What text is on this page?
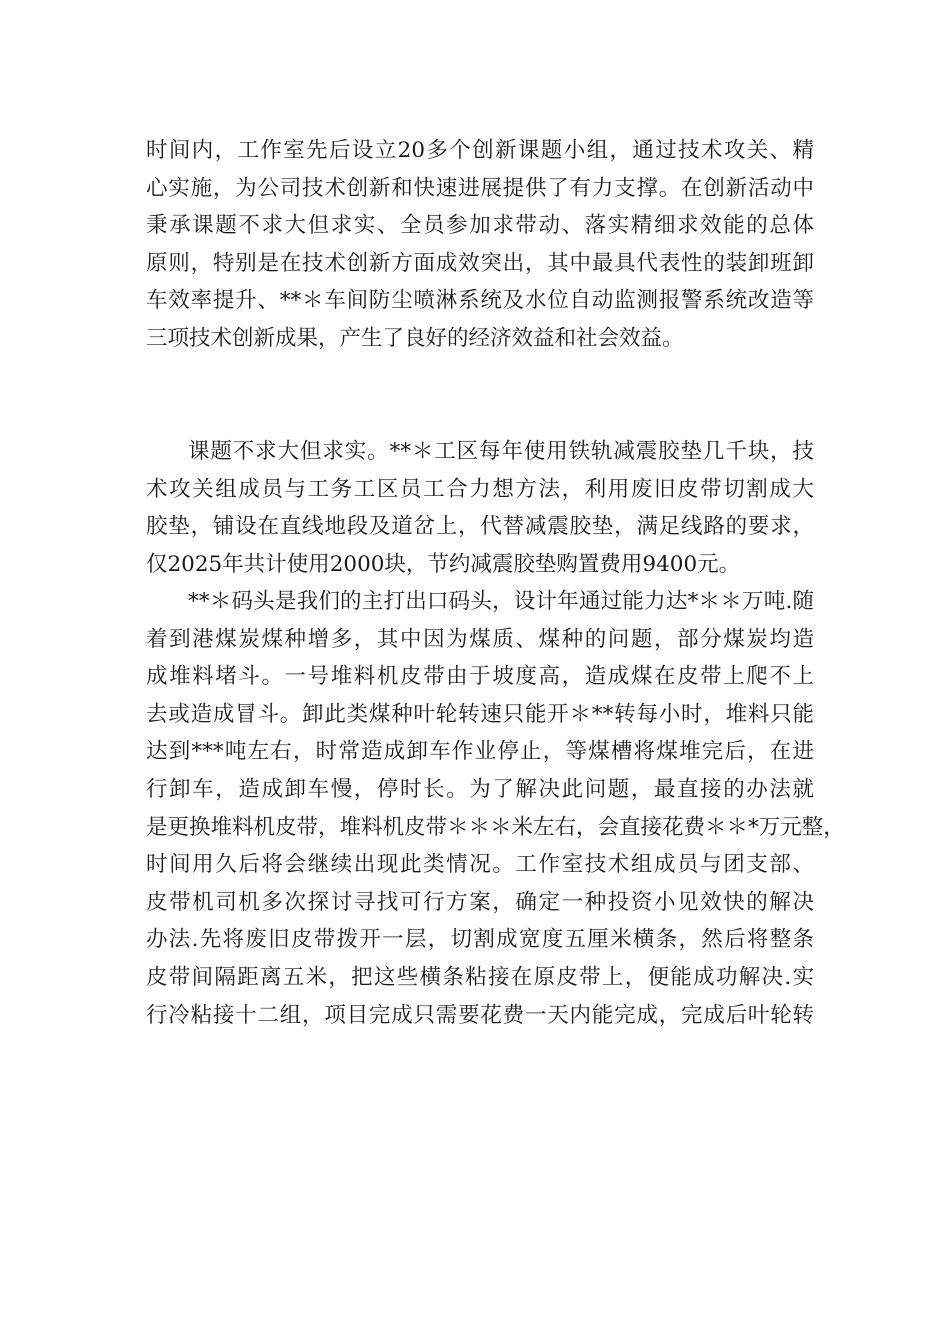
时间内，工作室先后设立20多个创新课题小组，通过技术攻关、精
心实施，为公司技术创新和快速进展提供了有力支撑。在创新活动中
秉承课题不求大但求实、全员参加求带动、落实精细求效能的总体
原则，特别是在技术创新方面成效突出，其中最具代表性的装卸班卸
车效率提升、**＊车间防尘喷淋系统及水位自动监测报警系统改造等
三项技术创新成果，产生了良好的经济效益和社会效益。

课题不求大但求实。**＊工区每年使用铁轨减震胶垫几千块，技
术攻关组成员与工务工区员工合力想方法，利用废旧皮带切割成大
胶垫，铺设在直线地段及道岔上，代替减震胶垫，满足线路的要求，
仅2025年共计使用2000块，节约减震胶垫购置费用9400元。

**＊码头是我们的主打出口码头，设计年通过能力达*＊＊万吨.随
着到港煤炭煤种增多，其中因为煤质、煤种的问题，部分煤炭均造
成堆料堵斗。一号堆料机皮带由于坡度高，造成煤在皮带上爬不上
去或造成冒斗。卸此类煤种叶轮转速只能开＊**转每小时，堆料只能
达到***吨左右，时常造成卸车作业停止，等煤槽将煤堆完后，在进
行卸车，造成卸车慢，停时长。为了解决此问题，最直接的办法就
是更换堆料机皮带，堆料机皮带＊＊＊米左右，会直接花费＊＊*万元整，
时间用久后将会继续出现此类情况。工作室技术组成员与团支部、
皮带机司机多次探讨寻找可行方案，确定一种投资小见效快的解决
办法.先将废旧皮带拨开一层，切割成宽度五厘米横条，然后将整条
皮带间隔距离五米，把这些横条粘接在原皮带上，便能成功解决.实
行冷粘接十二组，项目完成只需要花费一天内能完成，完成后叶轮转
